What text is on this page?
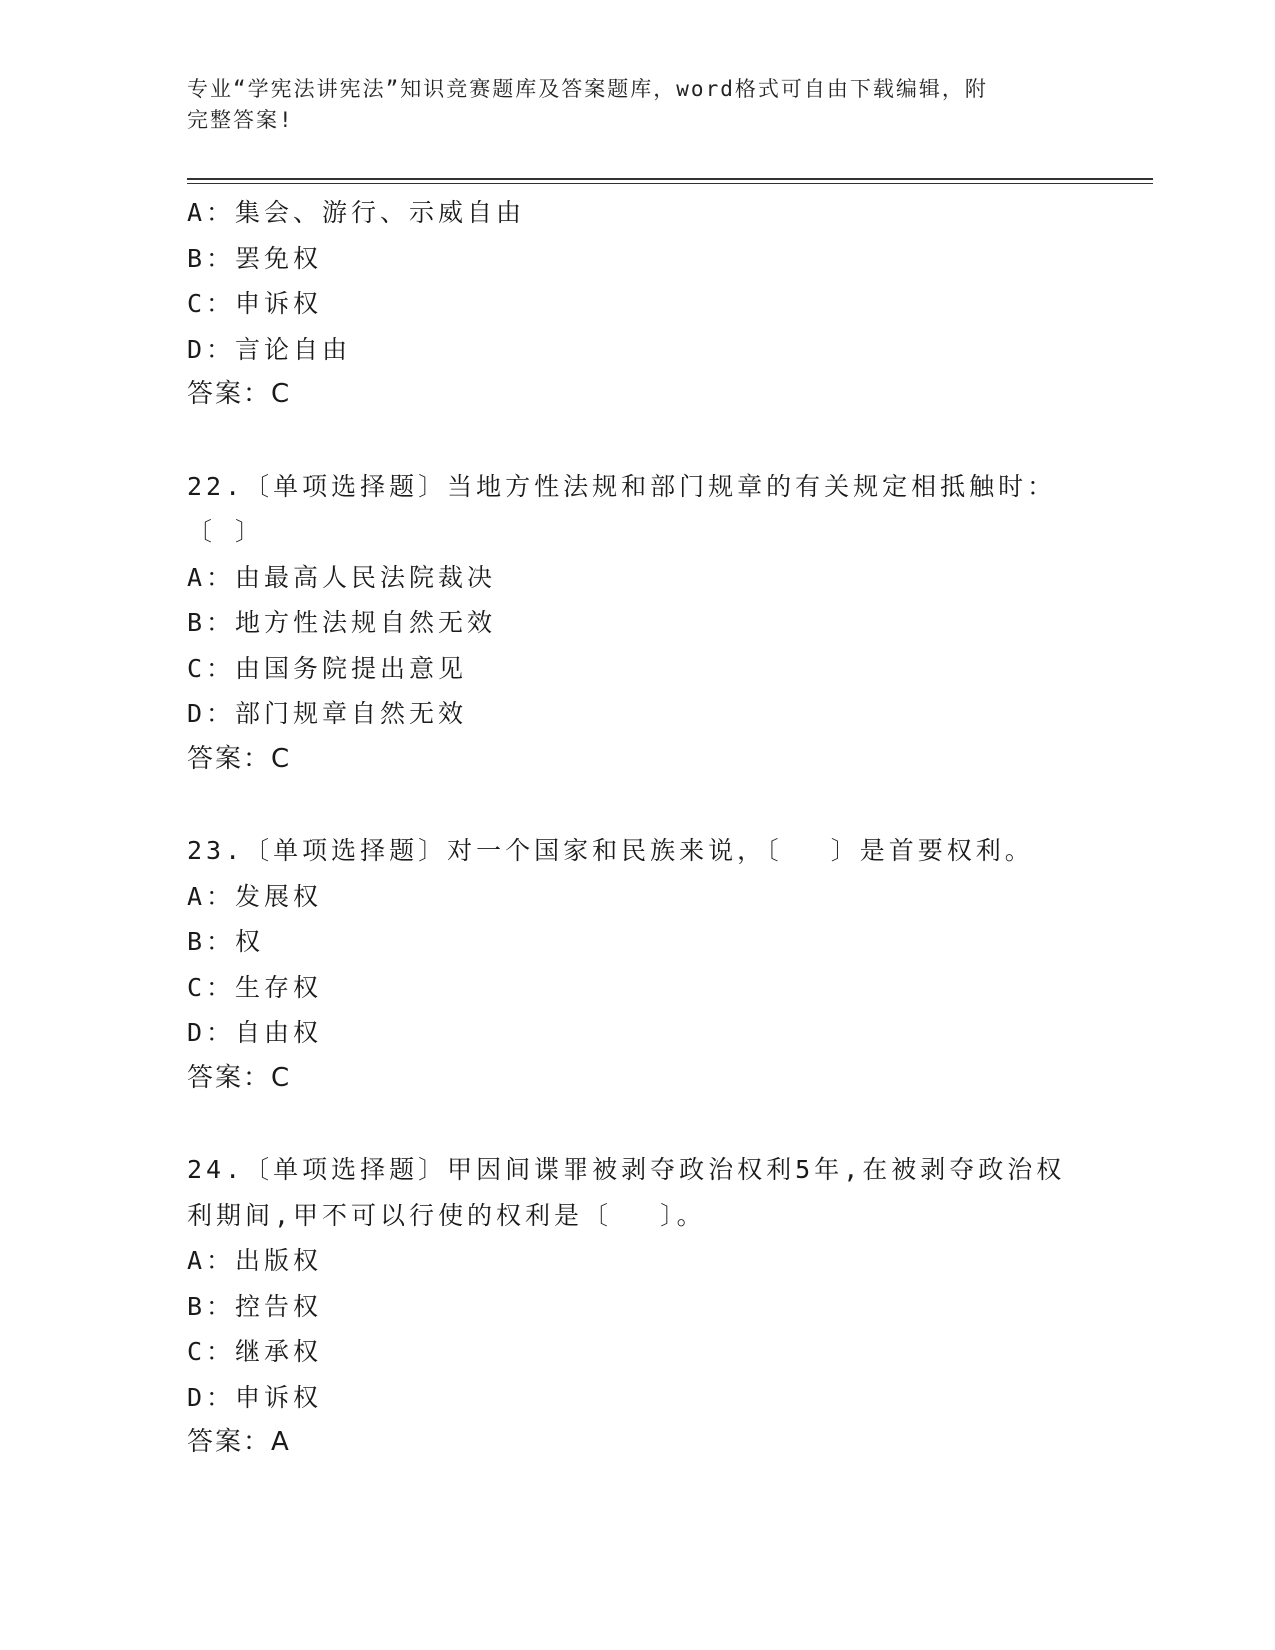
专业“学宪法讲宪法”知识竞赛题库及答案题库，word格式可自由下载编辑，附
完整答案!
A：集会、游行、示威自由
B：罢免权
C：申诉权
D：言论自由
答案：C
22.〔单项选择题〕当地方性法规和部门规章的有关规定相抵触时：〔 〕
A：由最高人民法院裁决
B：地方性法规自然无效
C：由国务院提出意见
D：部门规章自然无效
答案：C
23.〔单项选择题〕对一个国家和民族来说，〔　 〕是首要权利。
A：发展权
B：权
C：生存权
D：自由权
答案：C
24.〔单项选择题〕甲因间谍罪被剥夺政治权利5年,在被剥夺政治权利期间,甲不可以行使的权利是〔　 〕。
A：出版权
B：控告权
C：继承权
D：申诉权
答案：A
